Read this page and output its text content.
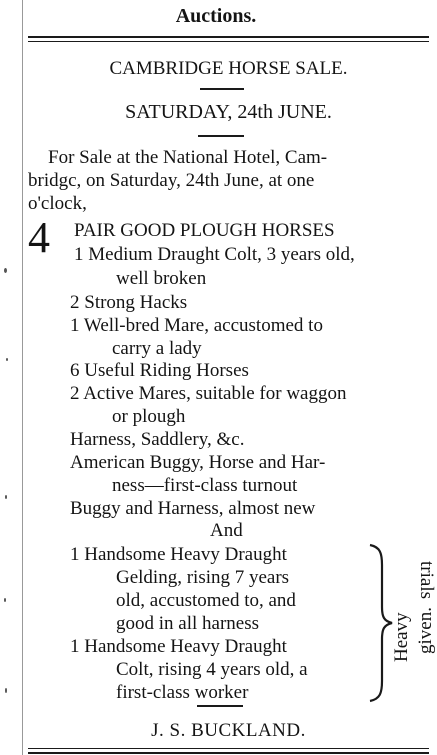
Auctions.
CAMBRIDGE HORSE SALE.
SATURDAY, 24th JUNE.
For Sale at the National Hotel, Cam-
bridgc, on Saturday, 24th June, at one
o'clock,
4 PAIR GOOD PLOUGH HORSES
1 Medium Draught Colt, 3 years old,
well broken
2 Strong Hacks
1 Well-bred Mare, accustomed to
carry a lady
6 Useful Riding Horses
2 Active Mares, suitable for waggon
or plough
Harness, Saddlery, &c.
American Buggy, Horse and Har-
ness—first-class turnout
Buggy and Harness, almost new
And
1 Handsome Heavy Draught
Gelding, rising 7 years
old, accustomed to, and
good in all harness
1 Handsome Heavy Draught
Colt, rising 4 years old, a
first-class worker
trials
Heavy given.
J. S. BUCKLAND.
